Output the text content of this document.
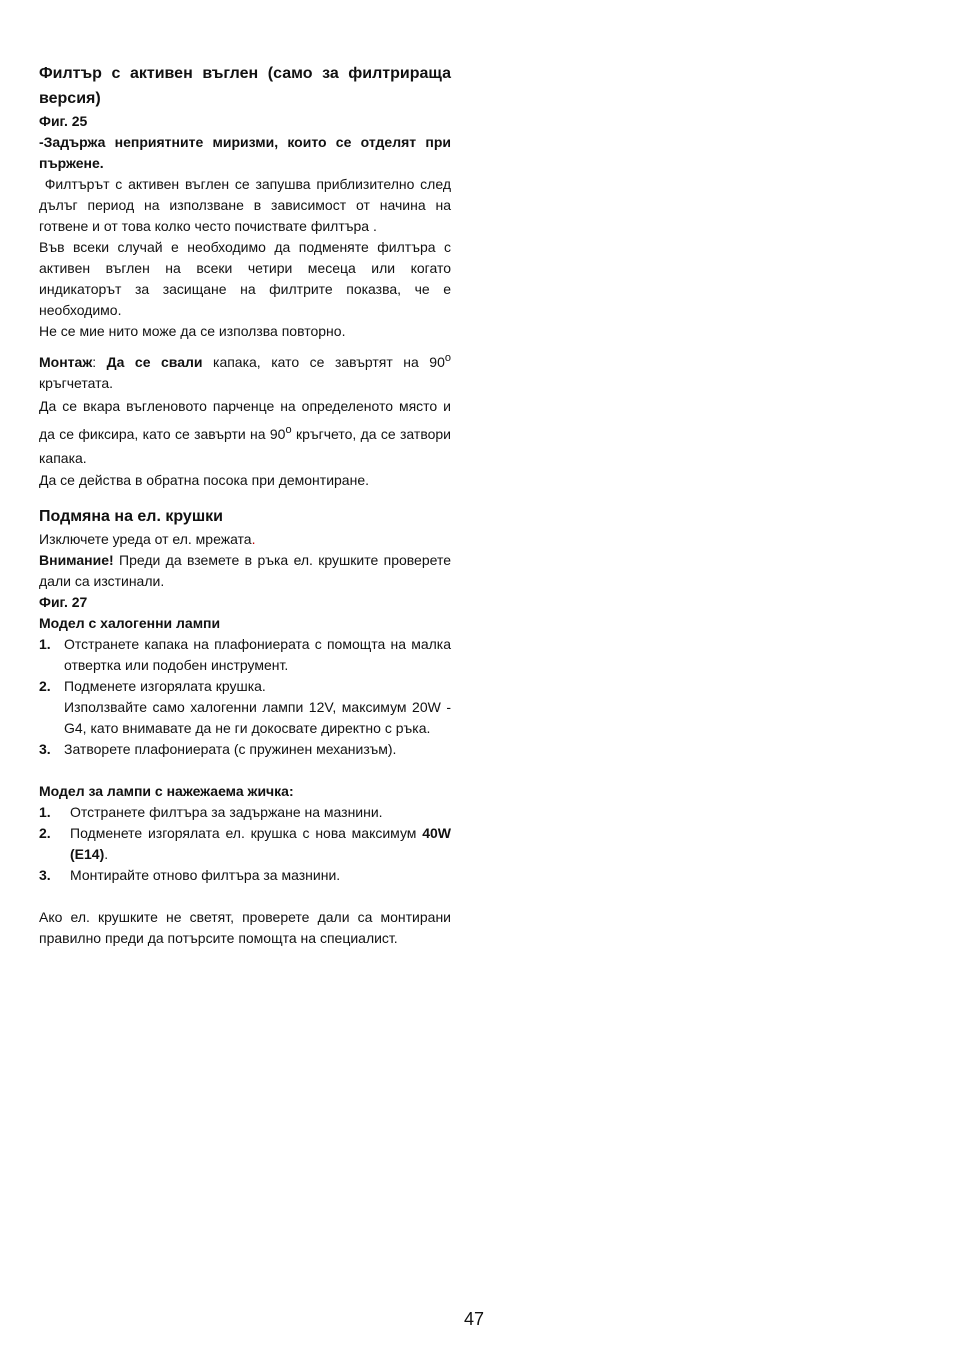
Филтър с активен въглен (само за филтрираща версия)

Фиг. 25

-Задържа неприятните миризми, които се отделят при пържене.

Филтърът с активен въглен се запушва приблизително след дълъг период на използване в зависимост от начина на готвене и от това колко често почиствате филтъра .

Във всеки случай е необходимо да подменяте филтъра с активен въглен на всеки четири месеца или когато индикаторът за засищане на филтрите показва, че е необходимо.

Не се мие нито може да се използва повторно.

Монтаж: Да се свали капака, като се завъртят на $90^о$ кръгчетата.

Да се вкара въгленовото парченце на определеното място и да се фиксира, като се завърти на $90^о$ кръгчето, да се затвори капака.

Да се действа в обратна посока при демонтиране.

Подмяна на ел. крушки

Изключете уреда от ел. мрежата.

Внимание! Преди да вземете в ръка ел. крушките проверете дали са изстинали.

Фиг. 27

Модел с халогенни лампи

1. Отстранете капака на плафониерата с помощта на малка отвертка или подобен инструмент.
2. Подменете изгорялата крушка.
Използвайте само халогенни лампи 12V, максимум 20W - G4, като внимавате да не ги докосвате директно с ръка.
3. Затворете плафониерата (с пружинен механизъм).

Модел за лампи с нажежаема жичка:

1. Отстранете филтъра за задържане на мазнини.
2. Подменете изгорялата ел. крушка с нова максимум 40W (E14).
3. Монтирайте отново филтъра за мазнини.

Ако ел. крушките не светят, проверете дали са монтирани правилно преди да потърсите помощта на специалист.

47
